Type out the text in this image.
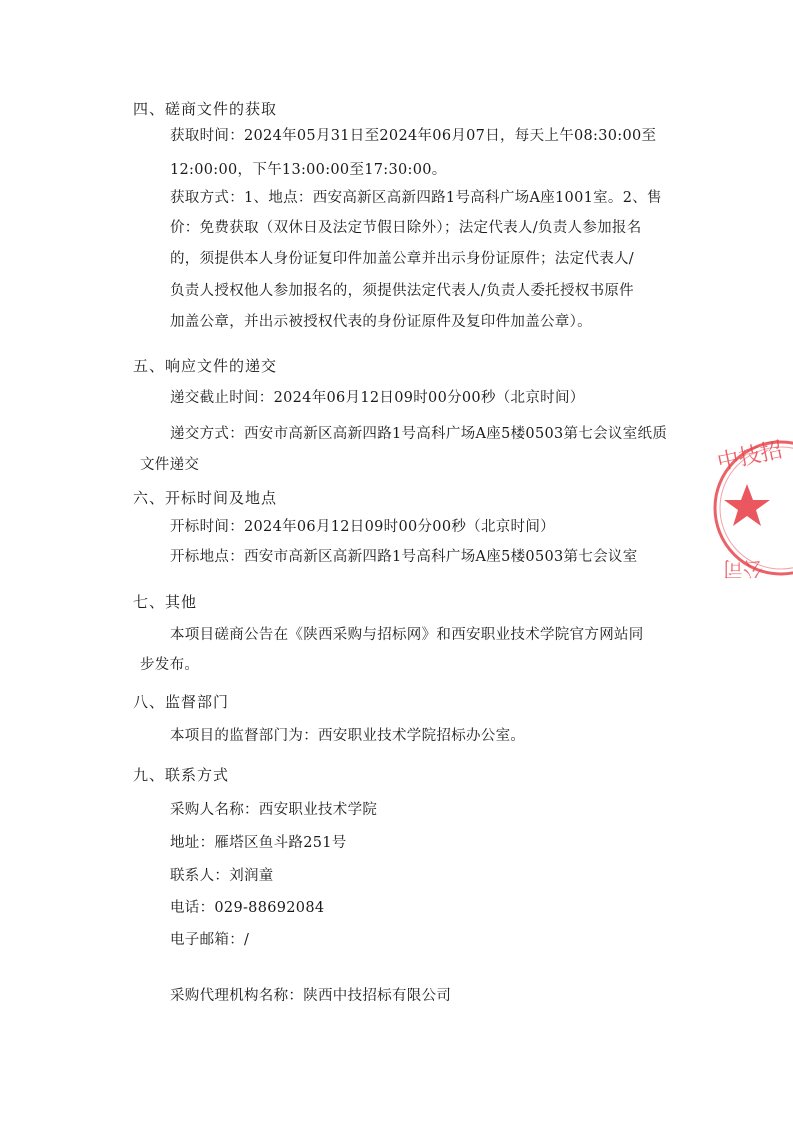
四、磋商文件的获取
获取时间：2024年05月31日至2024年06月07日，每天上午08:30:00至
12:00:00，下午13:00:00至17:30:00。
获取方式：1、地点：西安高新区高新四路1号高科广场A座1001室。2、售
价：免费获取（双休日及法定节假日除外）；法定代表人/负责人参加报名
的，须提供本人身份证复印件加盖公章并出示身份证原件；法定代表人/
负责人授权他人参加报名的，须提供法定代表人/负责人委托授权书原件
加盖公章，并出示被授权代表的身份证原件及复印件加盖公章）。
五、响应文件的递交
递交截止时间：2024年06月12日09时00分00秒（北京时间）
递交方式：西安市高新区高新四路1号高科广场A座5楼0503第七会议室纸质
文件递交
六、开标时间及地点
开标时间：2024年06月12日09时00分00秒（北京时间）
开标地点：西安市高新区高新四路1号高科广场A座5楼0503第七会议室
七、其他
本项目磋商公告在《陕西采购与招标网》和西安职业技术学院官方网站同
步发布。
八、监督部门
本项目的监督部门为：西安职业技术学院招标办公室。
九、联系方式
采购人名称：西安职业技术学院
地址：雁塔区鱼斗路251号
联系人：刘润童
电话：029-88692084
电子邮箱：/
采购代理机构名称：陕西中技招标有限公司
中技招
公司
